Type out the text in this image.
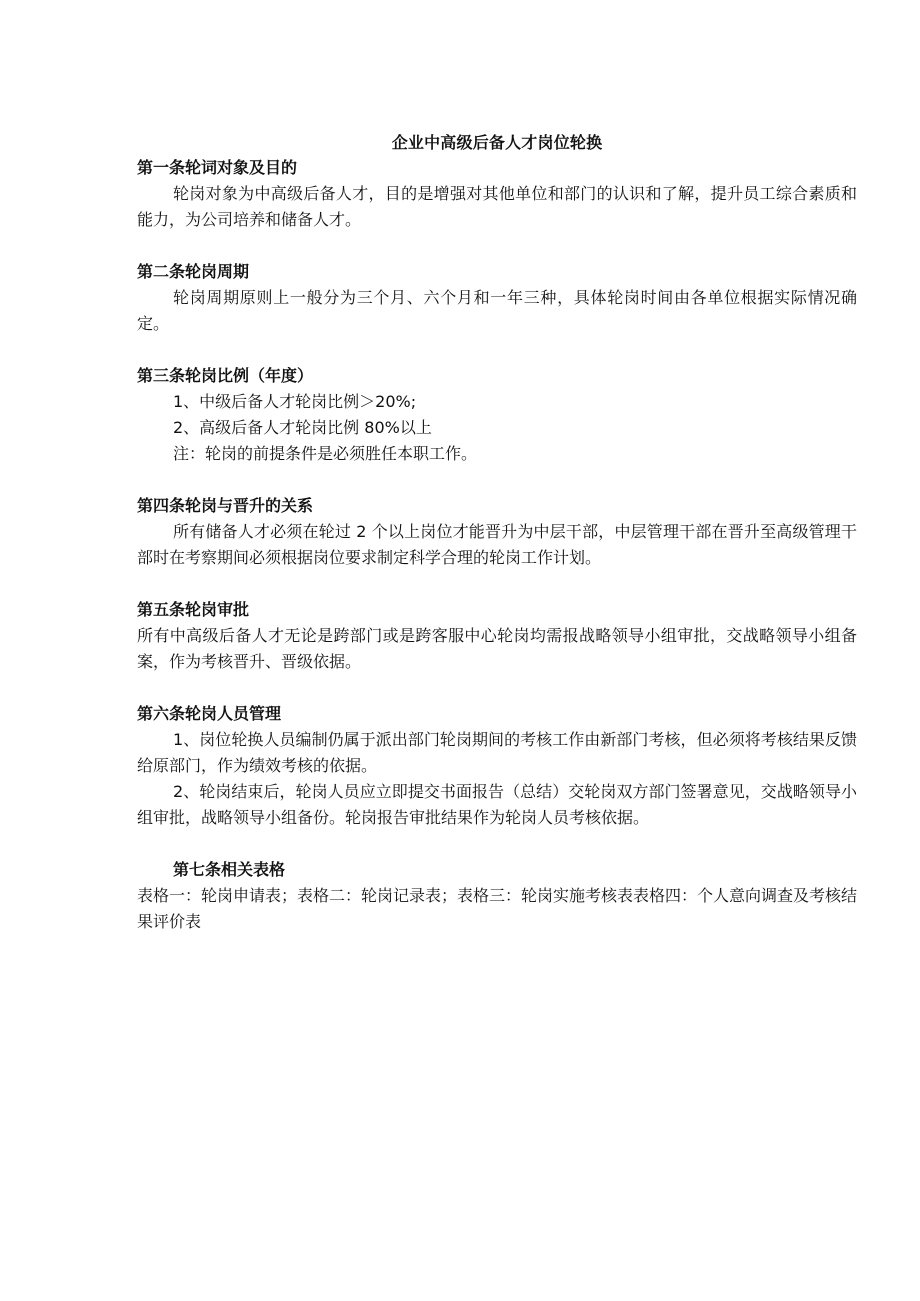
企业中高级后备人才岗位轮换

第一条轮词对象及目的

轮岗对象为中高级后备人才，目的是增强对其他单位和部门的认识和了解，提升员工综合素质和能力，为公司培养和储备人才。

第二条轮岗周期

轮岗周期原则上一般分为三个月、六个月和一年三种，具体轮岗时间由各单位根据实际情况确定。

第三条轮岗比例（年度）

1、中级后备人才轮岗比例＞20%;

2、高级后备人才轮岗比例 80%以上

注：轮岗的前提条件是必须胜任本职工作。

第四条轮岗与晋升的关系

所有储备人才必须在轮过 2 个以上岗位才能晋升为中层干部，中层管理干部在晋升至高级管理干部时在考察期间必须根据岗位要求制定科学合理的轮岗工作计划。

第五条轮岗审批

所有中高级后备人才无论是跨部门或是跨客服中心轮岗均需报战略领导小组审批，交战略领导小组备案，作为考核晋升、晋级依据。

第六条轮岗人员管理

1、岗位轮换人员编制仍属于派出部门轮岗期间的考核工作由新部门考核，但必须将考核结果反馈给原部门，作为绩效考核的依据。

2、轮岗结束后，轮岗人员应立即提交书面报告（总结）交轮岗双方部门签署意见，交战略领导小组审批，战略领导小组备份。轮岗报告审批结果作为轮岗人员考核依据。

第七条相关表格

表格一：轮岗申请表；表格二：轮岗记录表；表格三：轮岗实施考核表表格四：个人意向调查及考核结果评价表
